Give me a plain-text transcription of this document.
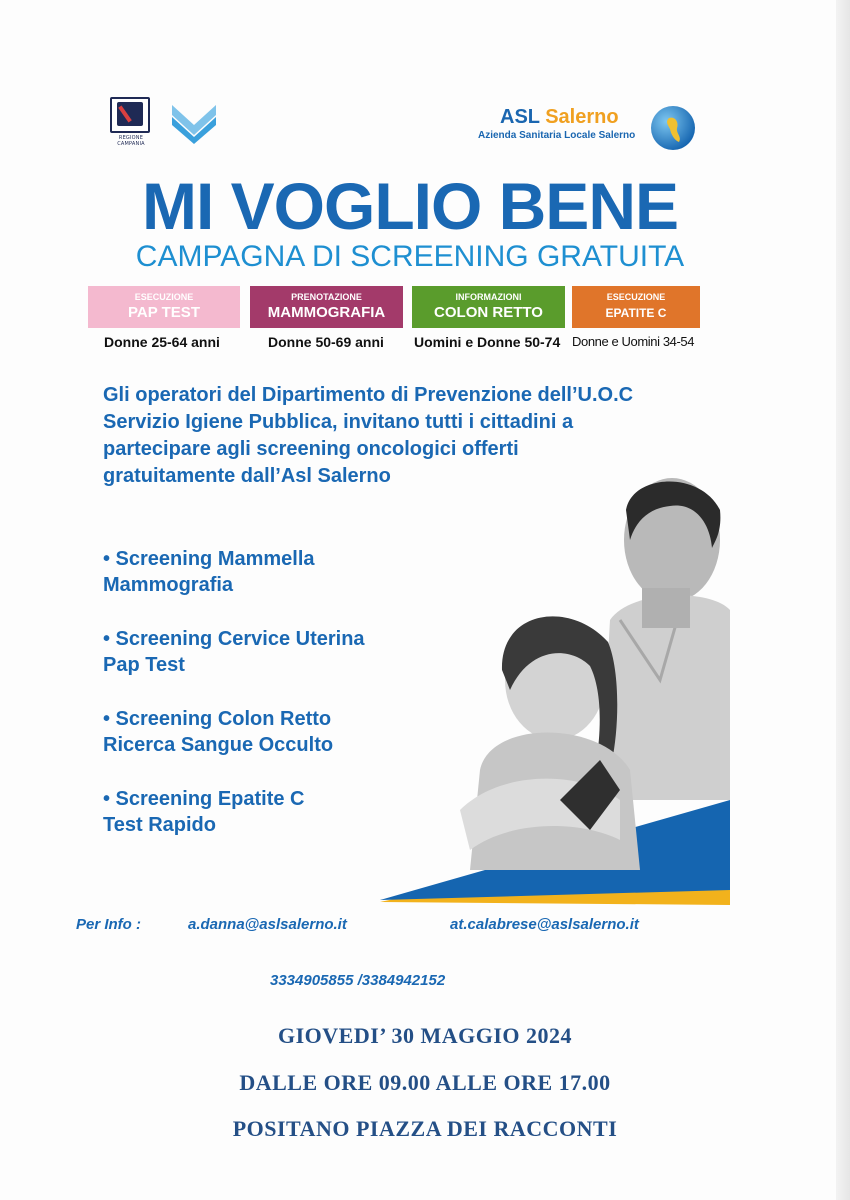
REGIONE CAMPANIA
ASL Salerno
Azienda Sanitaria Locale Salerno
MI VOGLIO BENE
CAMPAGNA DI SCREENING GRATUITA
ESECUZIONE
PAP TEST
PRENOTAZIONE
MAMMOGRAFIA
INFORMAZIONI
COLON RETTO
ESECUZIONE
EPATITE C
Donne 25-64 anni	Donne 50-69 anni Uomini e Donne 50-74 Donne e Uomini 34-54
Gli operatori del Dipartimento di Prevenzione dell’U.O.C Servizio Igiene Pubblica, invitano tutti i cittadini a partecipare agli screening oncologici offerti gratuitamente dall’Asl Salerno
• Screening Mammella
Mammografia
• Screening Cervice Uterina
Pap Test
• Screening Colon Retto
Ricerca Sangue Occulto
• Screening Epatite C
Test Rapido
Per Info :	a.danna@aslsalerno.it	at.calabrese@aslsalerno.it
3334905855 /3384942152
GIOVEDI’ 30 MAGGIO 2024
DALLE ORE 09.00 ALLE ORE 17.00
POSITANO PIAZZA DEI RACCONTI
